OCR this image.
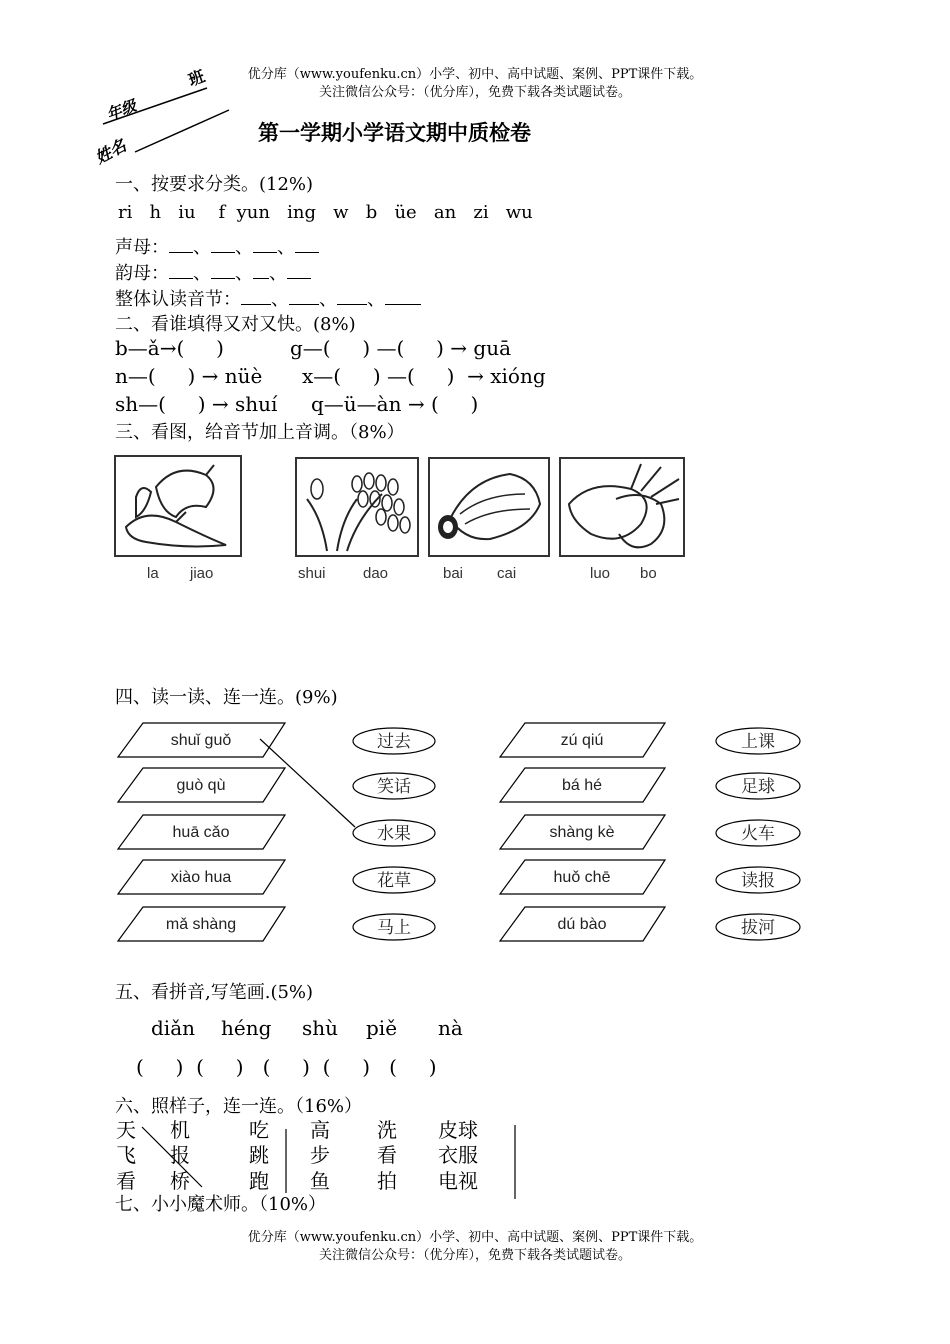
优分库（www.youfenku.cn）小学、初中、高中试题、案例、PPT课件下载。
关注微信公众号：（优分库），免费下载各类试题试卷。
班
年级
姓名
第一学期小学语文期中质检卷
一、按要求分类。(12%)
ri   h   iu    f  yun   ing   w   b   üe   an   zi   wu
声母： 、 、 、
韵母： 、 、 、
整体认读音节： 、 、 、
二、看谁填得又对又快。(8%)
b—ǎ→(     )	g—(     ) —(     ) → guā
n—(     ) → nüè x—(     ) —(     )  → xióng
sh—(     ) → shuí q—ü—àn → (     )
三、看图，给音节加上音调。（8%）
la jiao	shui dao	bai cai	luo bo
四、读一读、连一连。(9%)
shuǐ guǒ
guò qù
huā cǎo
xiào hua
mǎ shàng
zú qiú
bá hé
shàng kè
huǒ chē
dú bào
过去
笑话
水果
花草
马上
上课
足球
火车
读报
拔河
五、看拼音,写笔画.(5%)
diǎn héng shù piě nà
(     )  (     )   (     )  (     )   (     )
六、照样子，连一连。（16%）
天 机	吃 高 洗 皮球
飞 报	跳 步 看 衣服
看 桥	跑 鱼 拍 电视
七、小小魔术师。（10%）
优分库（www.youfenku.cn）小学、初中、高中试题、案例、PPT课件下载。
关注微信公众号：（优分库），免费下载各类试题试卷。
